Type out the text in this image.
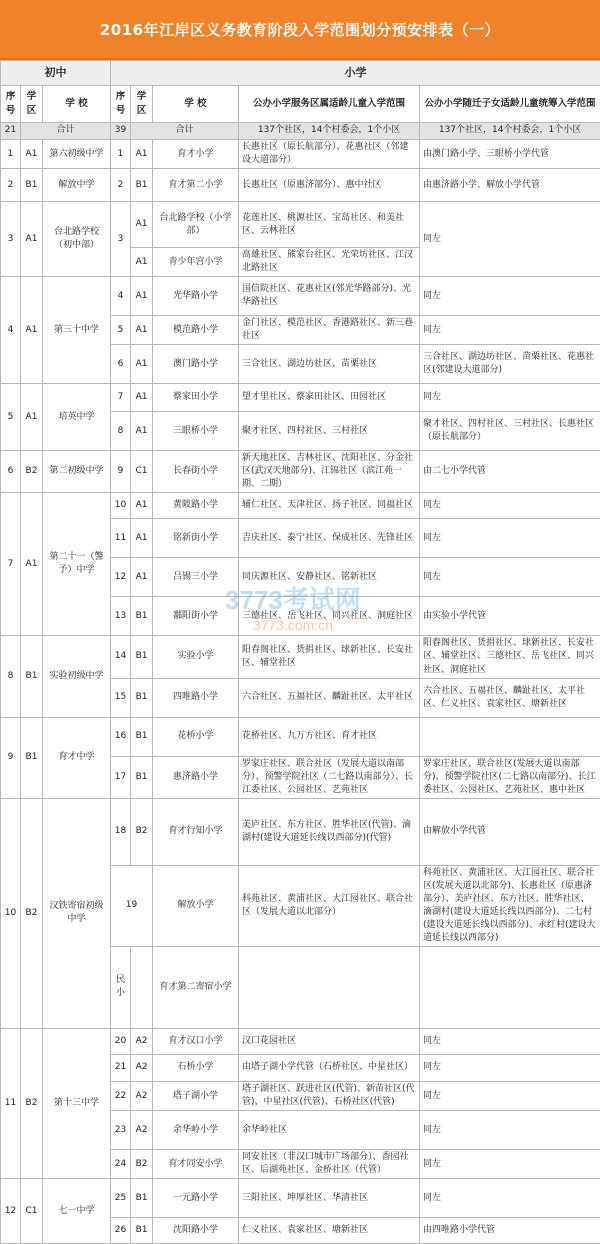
2016年江岸区义务教育阶段入学范围划分预安排表（一）
初中			小学				
序号	学区	学 校	序号	学区	学 校	公办小学服务区属适龄儿童入学范围	公办小学随迁子女适龄儿童统筹入学范围
21	合计		39	合计		137个社区，14个村委会，1个小区	137个社区，14个村委会，1个小区
1	A1	第六初级中学	1	A1	育才小学	长惠社区（原长航部分）、花惠社区（邻建设大道部分）	由澳门路小学、三眼桥小学代管
2	B1	解放中学	2	B1	育才第二小学	长惠社区（原惠济部分）、惠中社区	由惠济路小学、解放小学代管
3	A1	台北路学校（初中部）	3	A1	台北路学校（小学部）	花莲社区、桃源社区、宝岛社区、和美社区、云林社区	同左
				A1	青少年宫小学	高雄社区、熊家台社区、光荣坊社区、江汉北路社区	
4	A1	第三十中学	4	A1	光华路小学	国信院社区、花惠社区(邻光华路部分)、光华路社区	同左
			5	A1	模范路小学	金门社区、模范社区、香港路社区、新三巷社区	同左
			6	A1	澳门路小学	三合社区、湖边坊社区、苗栗社区	三合社区、湖边坊社区、苗栗社区、花惠社区(邻建设大道部分)
5	A1	培英中学	7	A1	蔡家田小学	望才里社区、蔡家田社区、田园社区	同左
			8	A1	三眼桥小学	聚才社区、四村社区、三村社区	聚才社区、四村社区、三村社区、长惠社区（原长航部分）
6	B2	第二初级中学	9	C1	长春街小学	新天地社区、吉林社区、沈阳社区、分金社区(武汉天地部分)、江锦社区（滨江苑一期、二期）	由二七小学代管
7	A1	第二十一（警予）中学	10	A1	黄陂路小学	辅仁社区、天津社区、扬子社区、同福社区	同左
			11	A1	铭新街小学	吉庆社区、泰宁社区、保成社区、先锋社区	同左
			12	A1	吕锡三小学	同庆源社区、安静社区、铭新社区	同左
			13	B1	鄱阳街小学	三德社区、岳飞社区、同兴社区、洞庭社区	由实验小学代管
8	B1	实验初级中学	14	B1	实验小学	阳春阁社区、货捐社区、球新社区、长安社区、辅堂社区	阳春阁社区、货捐社区、球新社区、长安社区、辅堂社区、三德社区、岳飞社区、同兴社区、洞庭社区
			15	B1	四唯路小学	六合社区、五福社区、麟趾社区、太平社区	六合社区、五福社区、麟趾社区、太平社区、仁义社区、袁家社区、塘新社区
9	B1	育才中学	16	B1	花桥小学	花桥社区、九万方社区、育才社区	
			17	B1	惠济路小学	罗家庄社区、联合社区（发展大道以南部分）、预警学院社区（二七路以南部分）、长江委社区、公园社区、艺苑社区	罗家庄社区、联合社区(发展大道以南部分)、预警学院社区(二七路以南部分)、长江委社区、公园社区、艺苑社区、惠中社区
10	B2	汉铁寄宿初级中学	18	B2	育才行知小学	美庐社区、东方社区、胜华社区(代管)、滴湖村(建设大道延长线以西部分)(代管)	由解放小学代管
			19		解放小学	科苑社区、黄浦社区、大江园社区、联合社区（发展大道以北部分）	科苑社区、黄浦社区、大江园社区、联合社区(发展大道以北部分)、长惠社区（原惠济部分）、美庐社区、东方社区、胜华社区、滴湖村(建设大道延长线以西部分)、二七村(建设大道延长线以西部分)、永红村(建设大道延长线以西部分)
			民小		育才第二寄宿小学		
11	B2	第十三中学	20	A2	育才汉口小学	汉口花园社区	同左
			21	A2	石桥小学	由塔子湖小学代管（石桥社区、中星社区）	同左
			22	A2	塔子湖小学	塔子湖社区、跃进社区(代管)、新苗社区(代管)、中星社区(代管)、石桥社区(代管)	同左
			23	A2	余华岭小学	余华岭社区	同左
			24	B2	育才同安小学	同安社区（非汉口城市广场部分）、香园社区、后湖苑社区、金桥社区（代管）	同左
12	C1	七一中学	25	B1	一元路小学	三阳社区、坤厚社区、华清社区	同左
			26	B1	沈阳路小学	仁义社区、袁家社区、塘新社区	由四唯路小学代管
3773考试网
3773.com.cn
